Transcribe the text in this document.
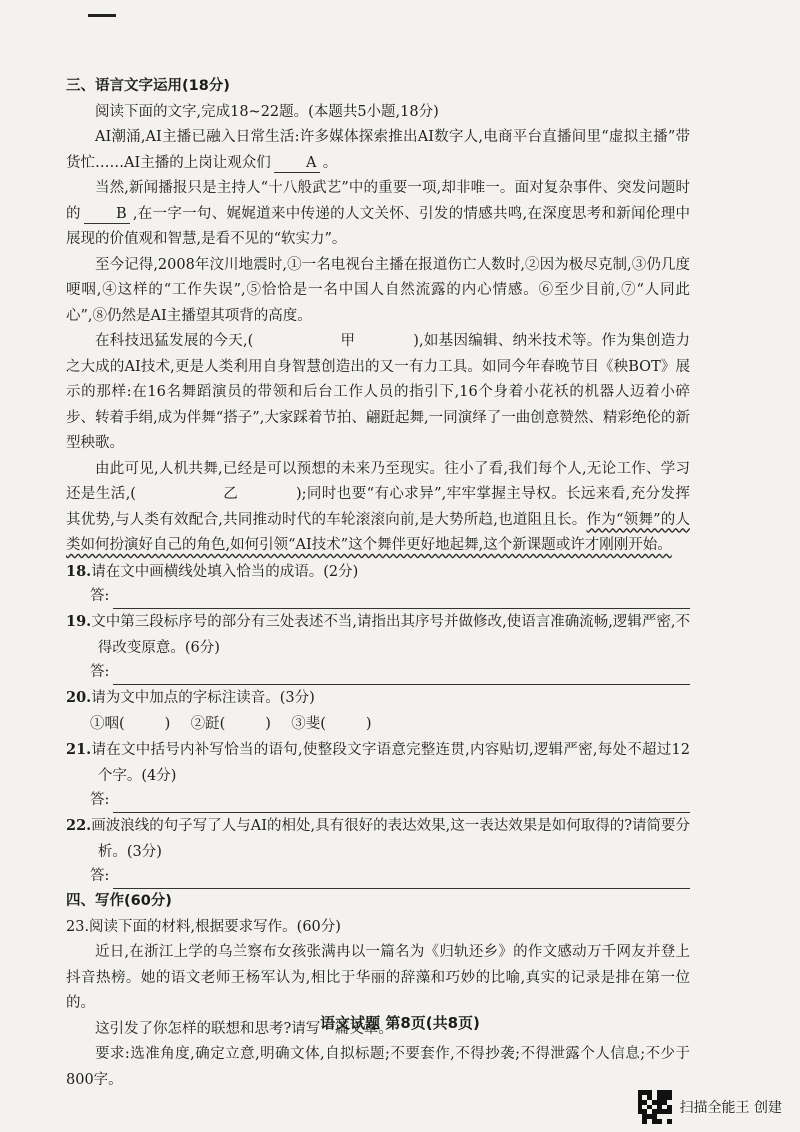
三、语言文字运用(18分)

阅读下面的文字,完成18~22题。(本题共5小题,18分)

AI潮涌,AI主播已融入日常生活:许多媒体探索推出AI数字人,电商平台直播间里“虚拟主播”带货忙……AI主播的上岗让观众们 A 。

当然,新闻播报只是主持人“十八般武艺”中的重要一项,却非唯一。面对复杂事件、突发问题时的 B ,在一字一句、娓娓道来中传递的人文关怀、引发的情感共鸣,在深度思考和新闻伦理中展现的价值观和智慧,是看不见的“软实力”。

至今记得,2008年汶川地震时,①一名电视台主播在报道伤亡人数时,②因为极尽克制,③仍几度哽咽,④这样的“工作失误”,⑤恰恰是一名中国人自然流露的内心情感。⑥至少目前,⑦“人同此心”,⑧仍然是AI主播望其项背的高度。

在科技迅猛发展的今天,(	甲	),如基因编辑、纳米技术等。作为集创造力之大成的AI技术,更是人类利用自身智慧创造出的又一有力工具。如同今年春晚节目《秧BOT》展示的那样:在16名舞蹈演员的带领和后台工作人员的指引下,16个身着小花袄的机器人迈着小碎步、转着手绢,成为伴舞“搭子”,大家踩着节拍、翩跹起舞,一同演绎了一曲创意赞然、精彩绝伦的新型秧歌。

由此可见,人机共舞,已经是可以预想的未来乃至现实。往小了看,我们每个人,无论工作、学习还是生活,(	乙	);同时也要“有心求异”,牢牢掌握主导权。长远来看,充分发挥其优势,与人类有效配合,共同推动时代的车轮滚滚向前,是大势所趋,也道阻且长。作为“领舞”的人类如何扮演好自己的角色,如何引领“AI技术”这个舞伴更好地起舞,这个新课题或许才刚刚开始。

18.请在文中画横线处填入恰当的成语。(2分)

答:

19.文中第三段标序号的部分有三处表述不当,请指出其序号并做修改,使语言准确流畅,逻辑严密,不得改变原意。(6分)

答:

20.请为文中加点的字标注读音。(3分)

①咽(	) ②跹(	) ③斐(	)

21.请在文中括号内补写恰当的语句,使整段文字语意完整连贯,内容贴切,逻辑严密,每处不超过12个字。(4分)

答:

22.画波浪线的句子写了人与AI的相处,具有很好的表达效果,这一表达效果是如何取得的?请简要分析。(3分)

答:
四、写作(60分)

23.阅读下面的材料,根据要求写作。(60分)

近日,在浙江上学的乌兰察布女孩张满冉以一篇名为《归轨还乡》的作文感动万千网友并登上抖音热榜。她的语文老师王杨军认为,相比于华丽的辞藻和巧妙的比喻,真实的记录是排在第一位的。

这引发了你怎样的联想和思考?请写一篇文章。

要求:选准角度,确定立意,明确文体,自拟标题;不要套作,不得抄袭;不得泄露个人信息;不少于800字。

语文试题 第8页(共8页)
扫描全能王 创建
